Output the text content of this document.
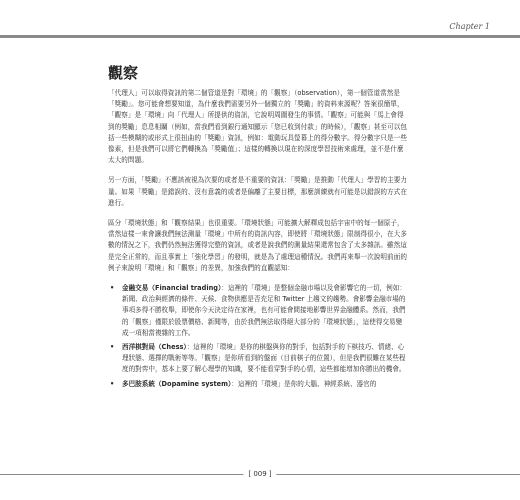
Chapter 1
觀察

「代理人」可以取得資訊的第二個管道是對「環境」的「觀察」（observation），第一個管道當然是「獎勵」。您可能會想要知道，為什麼我們需要另外一個獨立的「獎勵」的資料來源呢？答案很簡單，「觀察」是「環境」向「代理人」所提供的資訊，它說明周圍發生的事情。「觀察」可能與「馬上會得到的獎勵」息息相關（例如，當我們看到銀行通知顯示「您已收到付款」的時候），「觀察」甚至可以包括一些模糊的或形式上很扭曲的「獎勵」資訊，例如：電動玩具螢幕上的得分數字。得分數字只是一些像素，但是我們可以將它們轉換為「獎勵值」；這樣的轉換以現在的深度學習技術來處理，並不是什麼太大的問題。

另一方面，「獎勵」不應該被視為次要的或者是不重要的資訊：「獎勵」是推動「代理人」學習的主要力量。如果「獎勵」是錯誤的、沒有意義的或者是偏離了主要目標，那麼訓練就有可能是以錯誤的方式在進行。

區分「環境狀態」和「觀察結果」也很重要。「環境狀態」可能擴大解釋成包括宇宙中的每一個原子，當然這樣一來會讓我們無法測量「環境」中所有的資訊內容，即使將「環境狀態」限制得很小，在大多數的情況之下，我們仍然無法獲得完整的資訊，或者是說我們的測量結果還常包含了太多雜訊。雖然這是完全正常的，而且事實上「強化學習」的發明，就是為了處理這種情況。我們再來舉一次說明前面的例子來說明「環境」和「觀察」的差異，加強我們的直觀認知：

• 金融交易（Financial trading）：這裡的「環境」是整個金融市場以及會影響它的一切，例如：新聞、政治與經濟的條件、天候、食物供應是否充足和 Twitter 上趨文的趨勢。會影響金融市場的事項多得不勝枚舉，即使你今天決定待在家裡，也有可能會間接地影響世界金融體系。然而，我們的「觀察」僅限於股票價格、新聞等，由於我們無法取得絕大部分的「環境狀態」，這使得交易變成一項相當複雜的工作。
• 西洋棋對局（Chess）：這裡的「環境」是你的棋盤與你的對手，包括對手的下棋技巧、情緒、心理狀態、選擇的戰術等等。「觀察」是你所看到的盤面（目前棋子的位置），但是我們很難在某些程度的對弈中，基本上要了解心理學的知識，要不能看穿對手的心情，這些都能增加你勝出的機會。
• 多巴胺系統（Dopamine system）：這裡的「環境」是你的大腦、神經系統、器官的
[ 009 ]
